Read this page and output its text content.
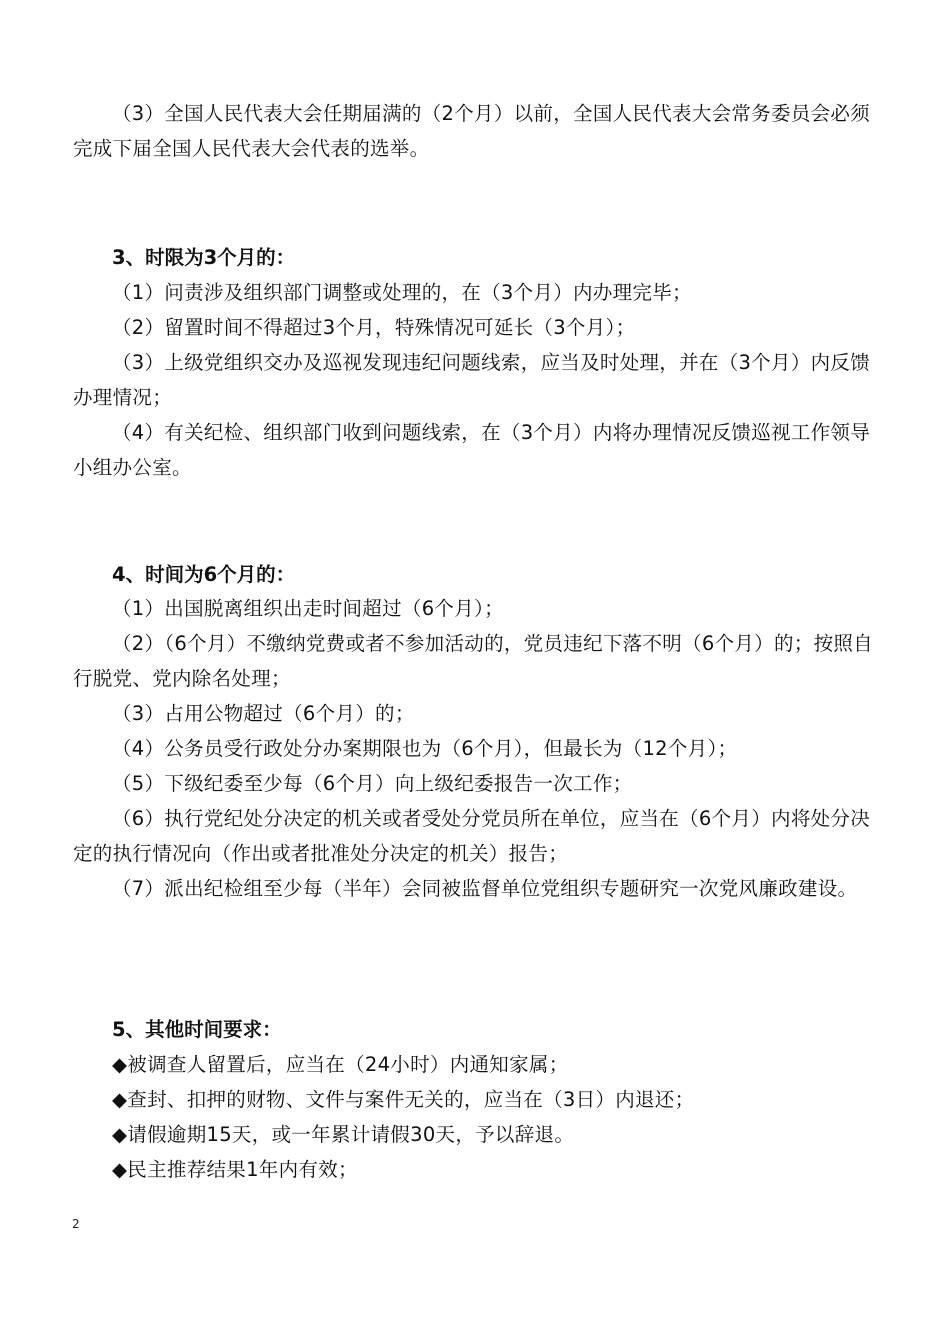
（3）全国人民代表大会任期届满的（2个月）以前，全国人民代表大会常务委员会必须完成下届全国人民代表大会代表的选举。
3、时限为3个月的：
（1）问责涉及组织部门调整或处理的，在（3个月）内办理完毕；
（2）留置时间不得超过3个月，特殊情况可延长（3个月）；
（3）上级党组织交办及巡视发现违纪问题线索，应当及时处理，并在（3个月）内反馈办理情况；
（4）有关纪检、组织部门收到问题线索，在（3个月）内将办理情况反馈巡视工作领导小组办公室。
4、时间为6个月的：
（1）出国脱离组织出走时间超过（6个月）；
（2）（6个月）不缴纳党费或者不参加活动的，党员违纪下落不明（6个月）的；按照自行脱党、党内除名处理；
（3）占用公物超过（6个月）的；
（4）公务员受行政处分办案期限也为（6个月），但最长为（12个月）；
（5）下级纪委至少每（6个月）向上级纪委报告一次工作；
（6）执行党纪处分决定的机关或者受处分党员所在单位，应当在（6个月）内将处分决定的执行情况向（作出或者批准处分决定的机关）报告；
（7）派出纪检组至少每（半年）会同被监督单位党组织专题研究一次党风廉政建设。
5、其他时间要求：
◆被调查人留置后，应当在（24小时）内通知家属；
◆查封、扣押的财物、文件与案件无关的，应当在（3日）内退还；
◆请假逾期15天，或一年累计请假30天，予以辞退。
◆民主推荐结果1年内有效；
2
